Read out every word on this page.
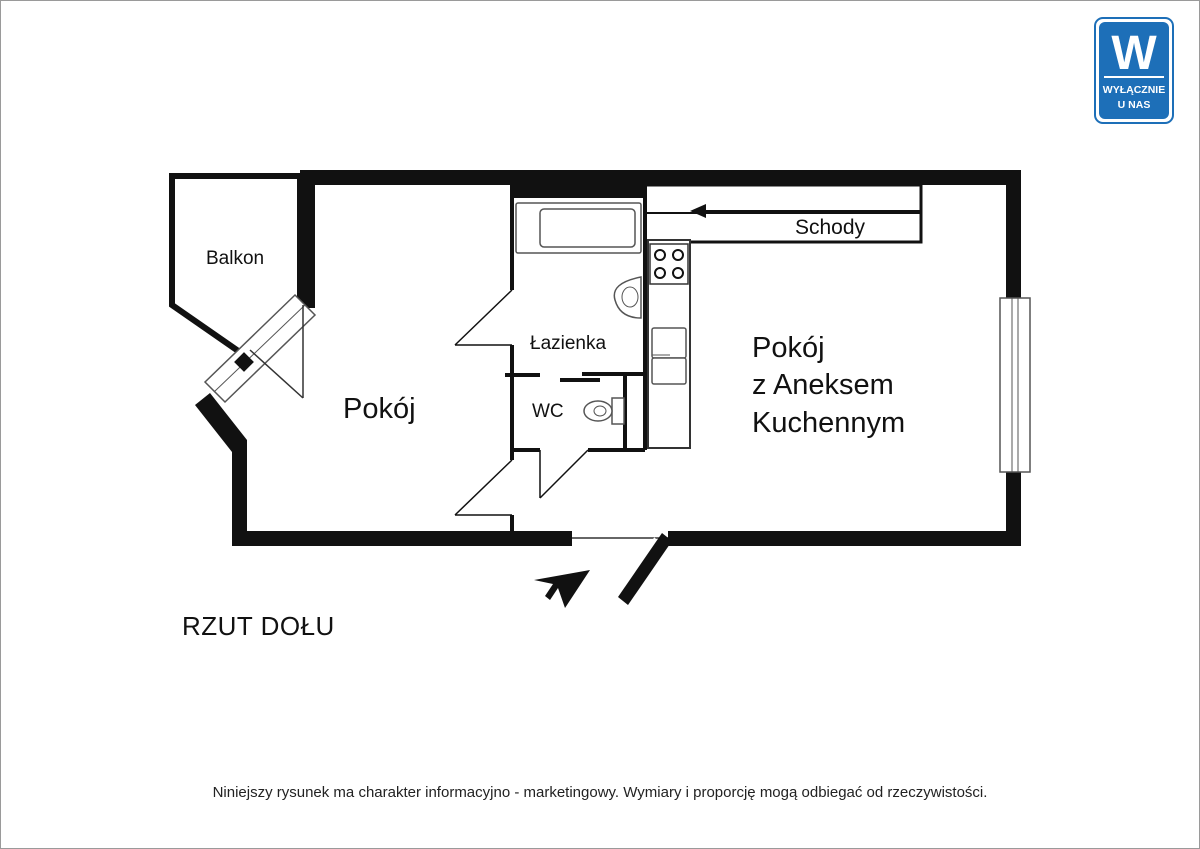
Balkon
Pokój
Łazienka
WC
Schody
Pokój
z Aneksem
Kuchennym
W
WYŁĄCZNIE
U NAS
RZUT DOŁU
Niniejszy rysunek ma charakter informacyjno - marketingowy. Wymiary i proporcję mogą odbiegać od rzeczywistości.
